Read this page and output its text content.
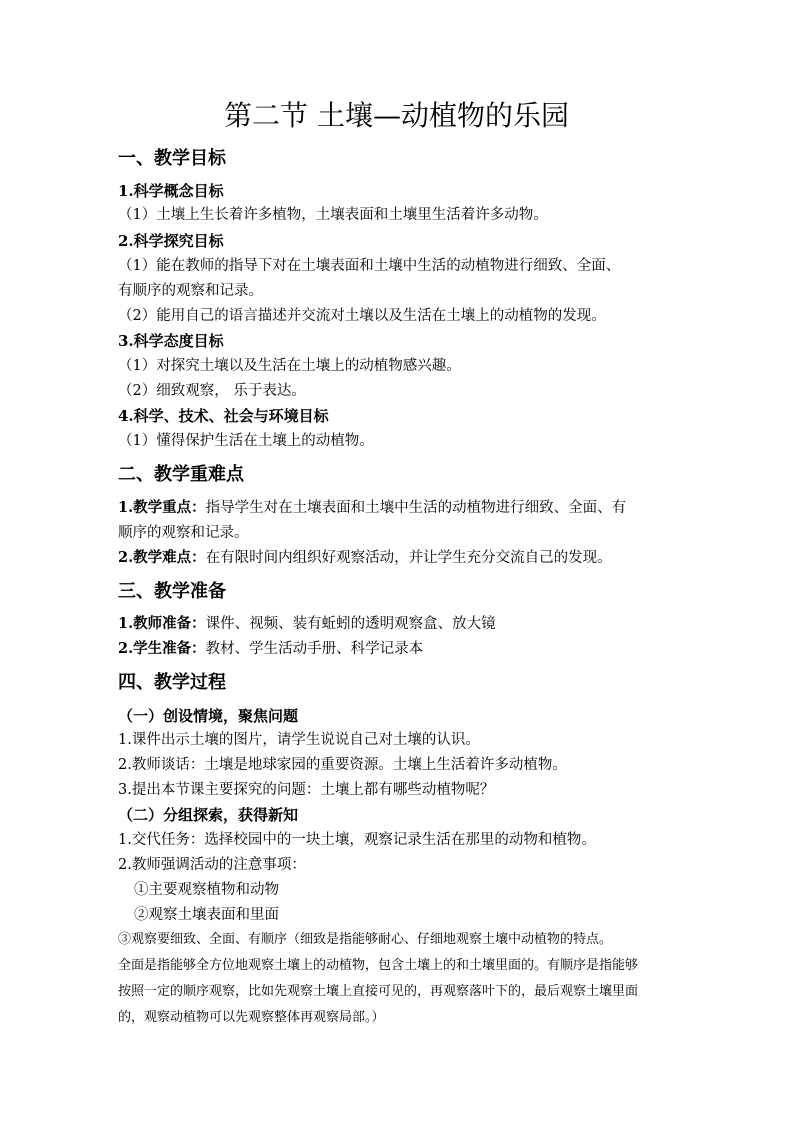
第二节 土壤—动植物的乐园
一、教学目标
1.科学概念目标
（1）土壤上生长着许多植物，土壤表面和土壤里生活着许多动物。
2.科学探究目标
（1）能在教师的指导下对在土壤表面和土壤中生活的动植物进行细致、全面、
有顺序的观察和记录。
（2）能用自己的语言描述并交流对土壤以及生活在土壤上的动植物的发现。
3.科学态度目标
（1）对探究土壤以及生活在土壤上的动植物感兴趣。
（2）细致观察， 乐于表达。
4.科学、技术、社会与环境目标
（1）懂得保护生活在土壤上的动植物。
二、教学重难点
1.教学重点：指导学生对在土壤表面和土壤中生活的动植物进行细致、全面、有
顺序的观察和记录。
2.教学难点：在有限时间内组织好观察活动，并让学生充分交流自己的发现。
三、教学准备
1.教师准备：课件、视频、装有蚯蚓的透明观察盒、放大镜
2.学生准备：教材、学生活动手册、科学记录本
四、教学过程
（一）创设情境，聚焦问题
1.课件出示土壤的图片，请学生说说自己对土壤的认识。
2.教师谈话：土壤是地球家园的重要资源。土壤上生活着许多动植物。
3.提出本节课主要探究的问题：土壤上都有哪些动植物呢？
（二）分组探索，获得新知
1.交代任务：选择校园中的一块土壤，观察记录生活在那里的动物和植物。
2.教师强调活动的注意事项：
①主要观察植物和动物
②观察土壤表面和里面
③观察要细致、全面、有顺序（细致是指能够耐心、仔细地观察土壤中动植物的特点。
全面是指能够全方位地观察土壤上的动植物，包含土壤上的和土壤里面的。有顺序是指能够
按照一定的顺序观察，比如先观察土壤上直接可见的，再观察落叶下的，最后观察土壤里面
的，观察动植物可以先观察整体再观察局部。）
